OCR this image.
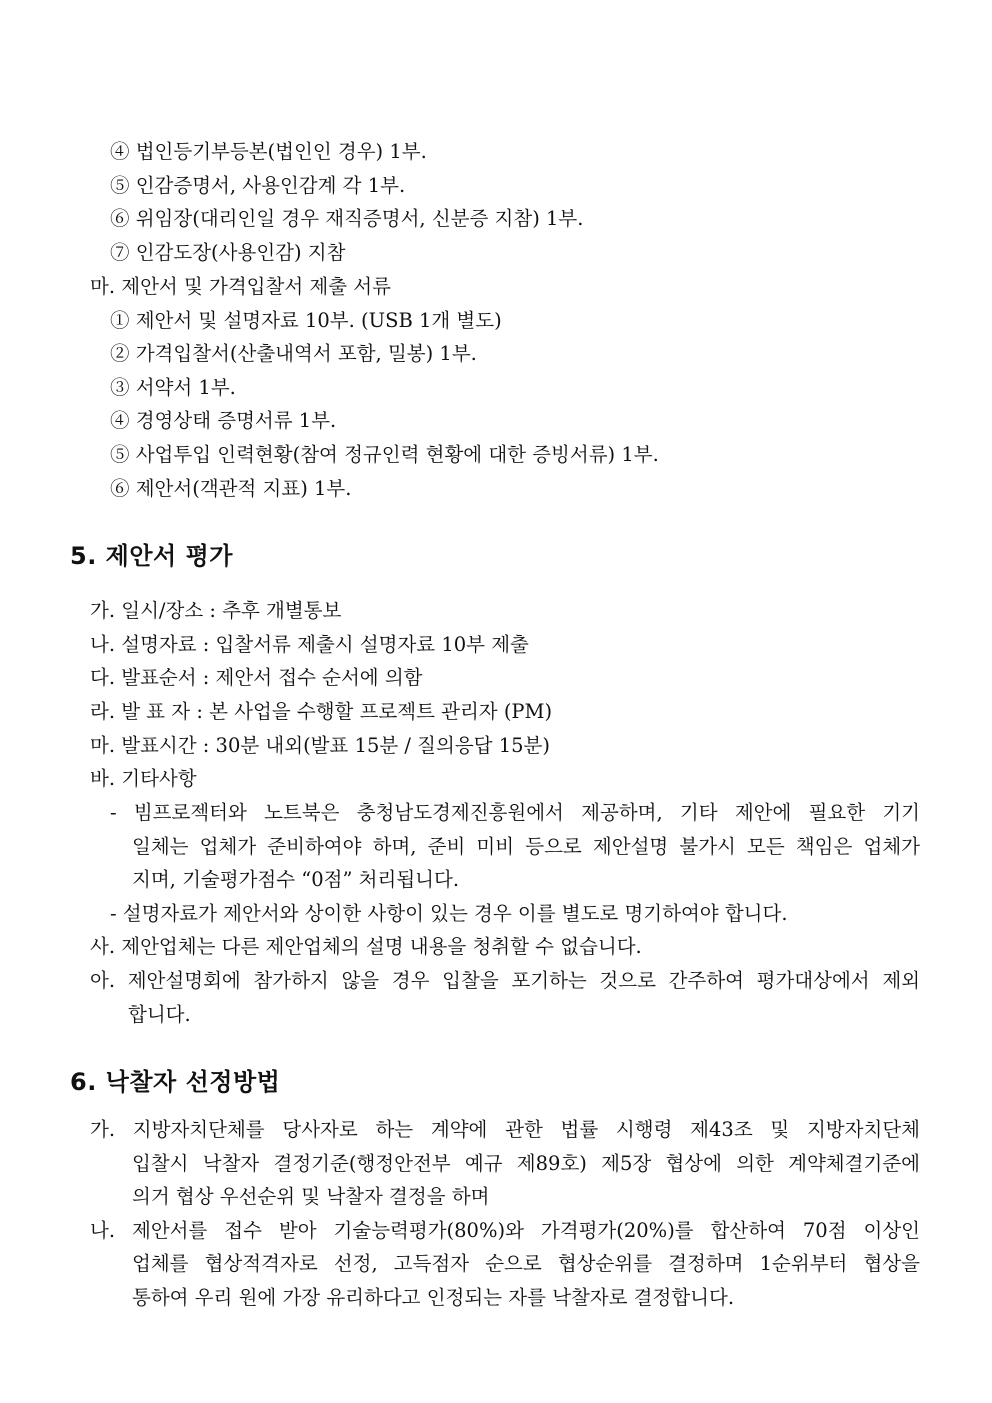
④ 법인등기부등본(법인인 경우) 1부.
⑤ 인감증명서, 사용인감계 각 1부.
⑥ 위임장(대리인일 경우 재직증명서, 신분증 지참) 1부.
⑦ 인감도장(사용인감) 지참
마. 제안서 및 가격입찰서 제출 서류
① 제안서 및 설명자료 10부. (USB 1개 별도)
② 가격입찰서(산출내역서 포함, 밀봉) 1부.
③ 서약서 1부.
④ 경영상태 증명서류 1부.
⑤ 사업투입 인력현황(참여 정규인력 현황에 대한 증빙서류) 1부.
⑥ 제안서(객관적 지표) 1부.
5. 제안서 평가
가. 일시/장소 : 추후 개별통보
나. 설명자료 : 입찰서류 제출시 설명자료 10부 제출
다. 발표순서 : 제안서 접수 순서에 의함
라. 발 표 자 : 본 사업을 수행할 프로젝트 관리자 (PM)
마. 발표시간 : 30분 내외(발표 15분 / 질의응답 15분)
바. 기타사항
- 빔프로젝터와 노트북은 충청남도경제진흥원에서 제공하며, 기타 제안에 필요한 기기
일체는 업체가 준비하여야 하며, 준비 미비 등으로 제안설명 불가시 모든 책임은 업체가
지며, 기술평가점수 “0점” 처리됩니다.
- 설명자료가 제안서와 상이한 사항이 있는 경우 이를 별도로 명기하여야 합니다.
사. 제안업체는 다른 제안업체의 설명 내용을 청취할 수 없습니다.
아. 제안설명회에 참가하지 않을 경우 입찰을 포기하는 것으로 간주하여 평가대상에서 제외
합니다.
6. 낙찰자 선정방법
가. 지방자치단체를 당사자로 하는 계약에 관한 법률 시행령 제43조 및 지방자치단체
입찰시 낙찰자 결정기준(행정안전부 예규 제89호) 제5장 협상에 의한 계약체결기준에
의거 협상 우선순위 및 낙찰자 결정을 하며
나. 제안서를 접수 받아 기술능력평가(80%)와 가격평가(20%)를 합산하여 70점 이상인
업체를 협상적격자로 선정, 고득점자 순으로 협상순위를 결정하며 1순위부터 협상을
통하여 우리 원에 가장 유리하다고 인정되는 자를 낙찰자로 결정합니다.
